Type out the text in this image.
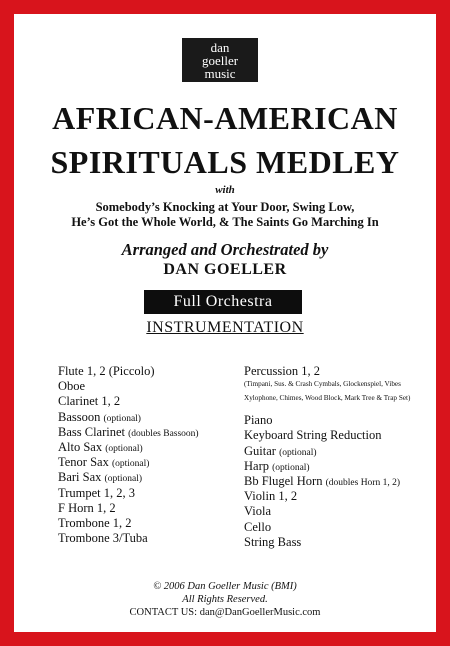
dan
goeller
music
AFRICAN-AMERICAN
SPIRITUALS MEDLEY
with
Somebody’s Knocking at Your Door, Swing Low,
He’s Got the Whole World, & The Saints Go Marching In
Arranged and Orchestrated by
DAN GOELLER
Full Orchestra
INSTRUMENTATION
Flute 1, 2 (Piccolo)
Oboe
Clarinet 1, 2
Bassoon (optional)
Bass Clarinet (doubles Bassoon)
Alto Sax (optional)
Tenor Sax (optional)
Bari Sax (optional)
Trumpet 1, 2, 3
F Horn 1, 2
Trombone 1, 2
Trombone 3/Tuba
Percussion 1, 2
(Timpani, Sus. & Crash Cymbals, Glockenspiel, Vibes
Xylophone, Chimes, Wood Block, Mark Tree & Trap Set)
Piano
Keyboard String Reduction
Guitar (optional)
Harp (optional)
Bb Flugel Horn (doubles Horn 1, 2)
Violin 1, 2
Viola
Cello
String Bass
© 2006 Dan Goeller Music (BMI)
All Rights Reserved.
CONTACT US: dan@DanGoellerMusic.com
